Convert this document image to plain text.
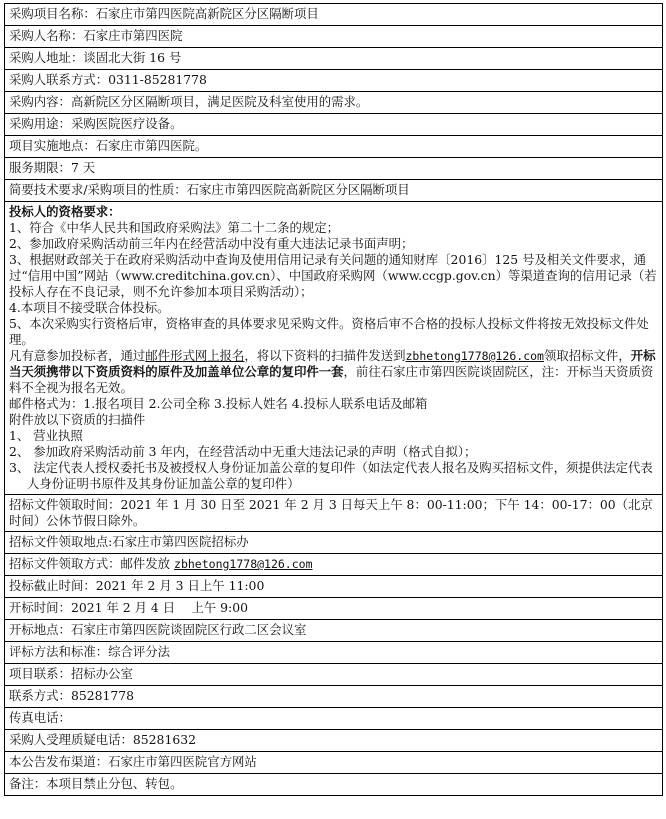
采购项目名称：石家庄市第四医院高新院区分区隔断项目
采购人名称：石家庄市第四医院
采购人地址：谈固北大街 16 号
采购人联系方式：0311-85281778
采购内容：高新院区分区隔断项目，满足医院及科室使用的需求。
采购用途：采购医院医疗设备。
项目实施地点：石家庄市第四医院。
服务期限：7 天
简要技术要求/采购项目的性质：石家庄市第四医院高新院区分区隔断项目

投标人的资格要求：
1、符合《中华人民共和国政府采购法》第二十二条的规定；
2、参加政府采购活动前三年内在经营活动中没有重大违法记录书面声明；
3、根据财政部关于在政府采购活动中查询及使用信用记录有关问题的通知财库〔2016〕125 号及相关文件要求，通过“信用中国”网站（www.creditchina.gov.cn）、中国政府采购网（www.ccgp.gov.cn）等渠道查询的信用记录（若投标人存在不良记录，则不允许参加本项目采购活动）；
4.本项目不接受联合体投标。
5、本次采购实行资格后审，资格审查的具体要求见采购文件。资格后审不合格的投标人投标文件将按无效投标文件处理。
凡有意参加投标者，通过邮件形式网上报名，将以下资料的扫描件发送到zbhetong1778@126.com领取招标文件，开标当天须携带以下资质资料的原件及加盖单位公章的复印件一套，前往石家庄市第四医院谈固院区，注：开标当天资质资料不全视为报名无效。
邮件格式为：1.报名项目 2.公司全称 3.投标人姓名 4.投标人联系电话及邮箱
附件放以下资质的扫描件
1、 营业执照
2、 参加政府采购活动前 3 年内，在经营活动中无重大违法记录的声明（格式自拟）；
3、 法定代表人授权委托书及被授权人身份证加盖公章的复印件（如法定代表人报名及购买招标文件，须提供法定代表人身份证明书原件及其身份证加盖公章的复印件）

招标文件领取时间：2021 年 1 月 30 日至 2021 年 2 月 3 日每天上午 8：00-11:00；下午 14：00-17：00（北京时间）公休节假日除外。
招标文件领取地点:石家庄市第四医院招标办
招标文件领取方式：邮件发放 zbhetong1778@126.com
投标截止时间：2021 年 2 月 3 日上午 11:00
开标时间：2021 年 2 月 4 日　 上午 9:00
开标地点：石家庄市第四医院谈固院区行政二区会议室
评标方法和标准：综合评分法
项目联系：招标办公室
联系方式：85281778
传真电话：
采购人受理质疑电话：85281632
本公告发布渠道：石家庄市第四医院官方网站
备注：本项目禁止分包、转包。
